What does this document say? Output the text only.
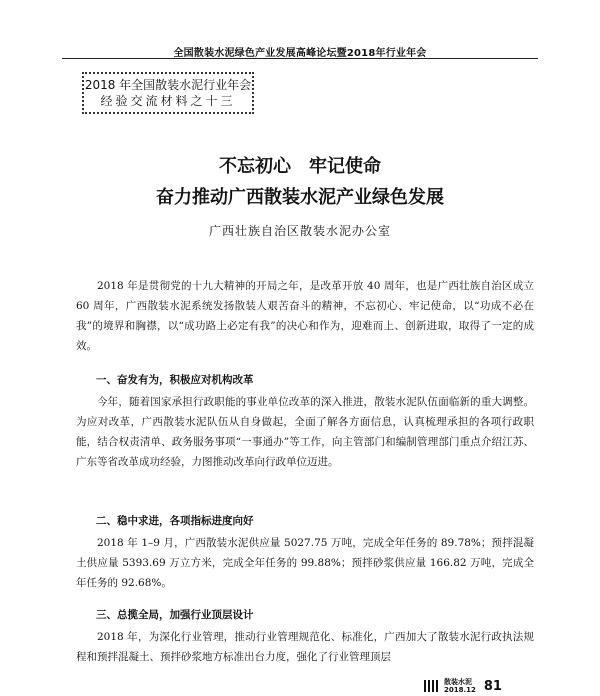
全国散装水泥绿色产业发展高峰论坛暨2018年行业年会
2018 年全国散装水泥行业年会
经验交流材料之十三
不忘初心　牢记使命
奋力推动广西散装水泥产业绿色发展
广西壮族自治区散装水泥办公室

2018 年是贯彻党的十九大精神的开局之年，是改革开放 40 周年，也是广西壮族自治区成立 60 周年，广西散装水泥系统发扬散装人艰苦奋斗的精神，不忘初心、牢记使命，以“功成不必在我”的境界和胸襟，以“成功路上必定有我”的决心和作为，迎难而上、创新进取，取得了一定的成效。

一、奋发有为，积极应对机构改革

今年，随着国家承担行政职能的事业单位改革的深入推进，散装水泥队伍面临新的重大调整。为应对改革，广西散装水泥队伍从自身做起，全面了解各方面信息，认真梳理承担的各项行政职能，结合权责清单、政务服务事项“一事通办”等工作，向主管部门和编制管理部门重点介绍江苏、广东等省改革成功经验，力图推动改革向行政单位迈进。

二、稳中求进，各项指标进度向好

2018 年 1–9 月，广西散装水泥供应量 5027.75 万吨，完成全年任务的 89.78%；预拌混凝土供应量 5393.69 万立方米，完成全年任务的 99.88%；预拌砂浆供应量 166.82 万吨，完成全年任务的 92.68%。

三、总揽全局，加强行业顶层设计

2018 年，为深化行业管理，推动行业管理规范化、标准化，广西加大了散装水泥行政执法规程和预拌混凝土、预拌砂浆地方标准出台力度，强化了行业管理顶层

散装水泥
2018.12 81
